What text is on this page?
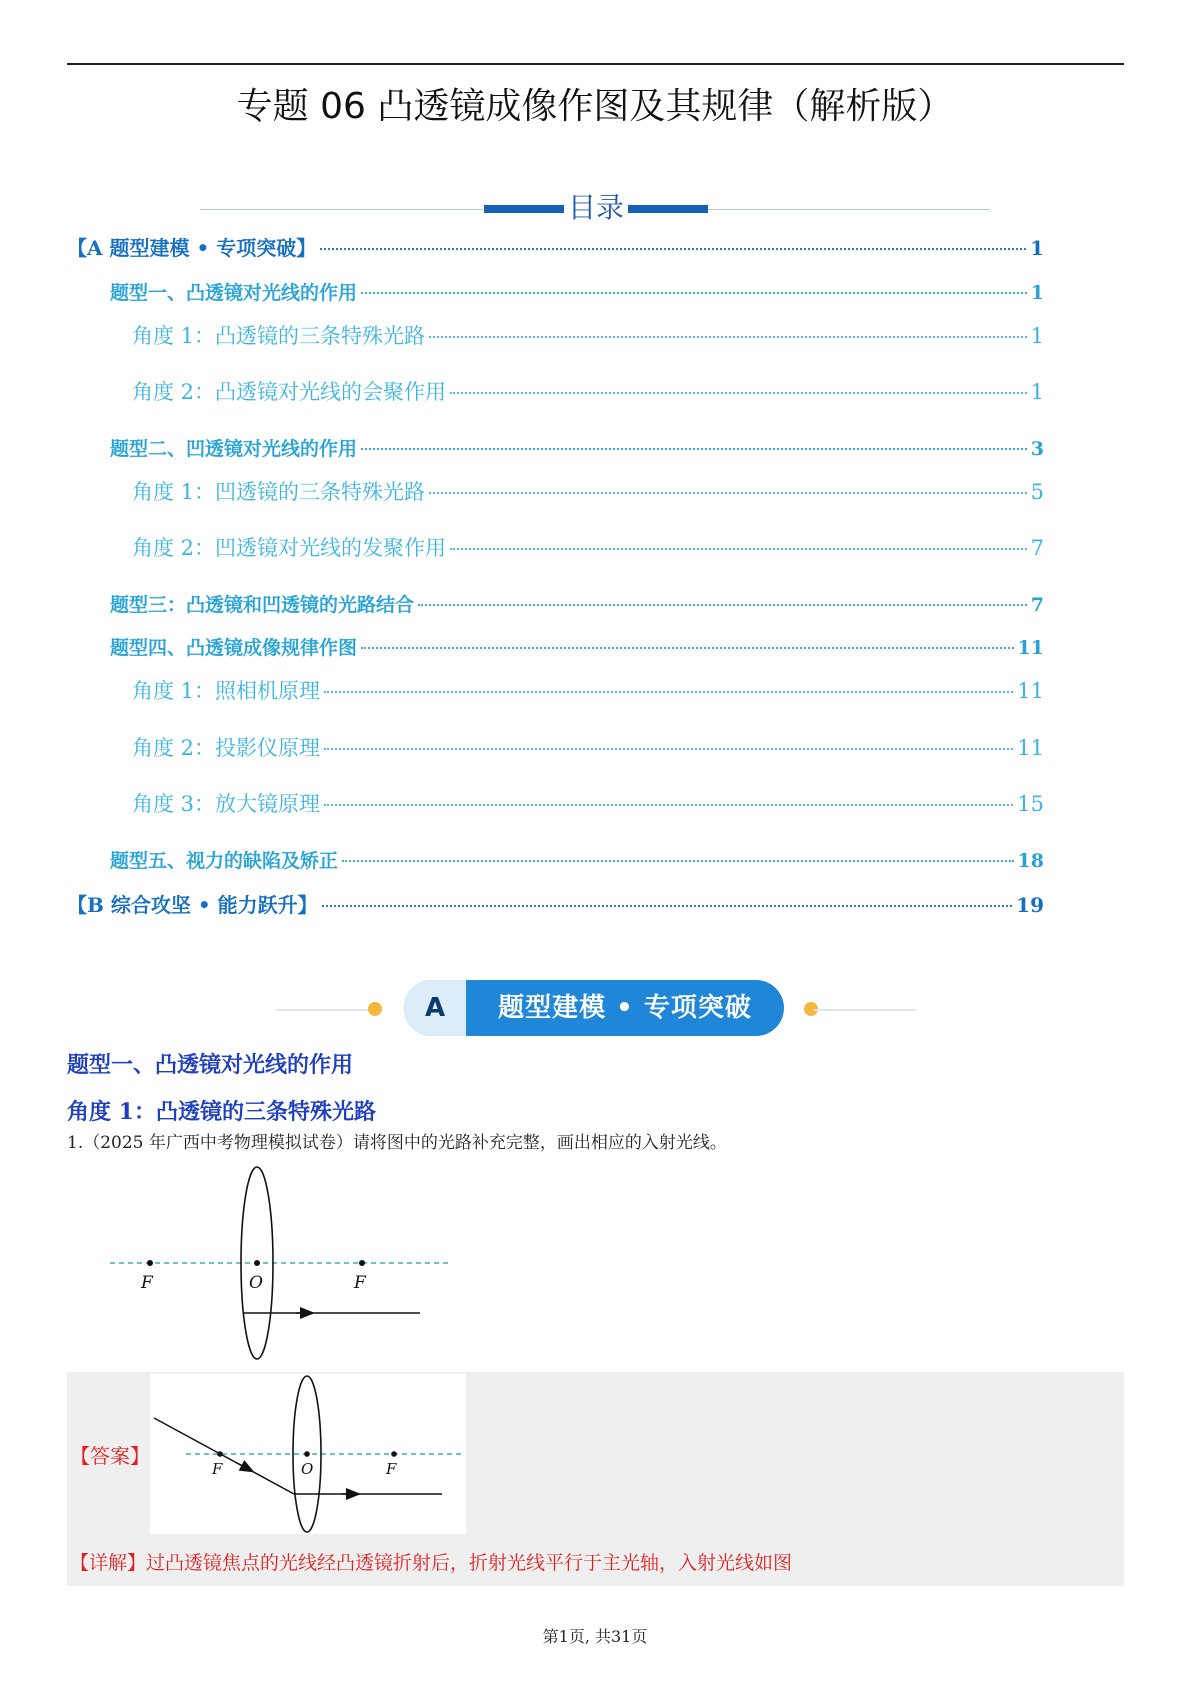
专题 06 凸透镜成像作图及其规律（解析版）
目录
【A 题型建模 • 专项突破】	1
题型一、凸透镜对光线的作用	1
角度 1：凸透镜的三条特殊光路	1
角度 2：凸透镜对光线的会聚作用	1
题型二、凹透镜对光线的作用	3
角度 1：凹透镜的三条特殊光路	5
角度 2：凹透镜对光线的发聚作用	7
题型三：凸透镜和凹透镜的光路结合	7
题型四、凸透镜成像规律作图	11
角度 1：照相机原理	11
角度 2：投影仪原理	11
角度 3：放大镜原理	15
题型五、视力的缺陷及矫正	18
【B 综合攻坚 • 能力跃升】	19
A	题型建模 • 专项突破
题型一、凸透镜对光线的作用
角度 1：凸透镜的三条特殊光路
1.（2025 年广西中考物理模拟试卷）请将图中的光路补充完整，画出相应的入射光线。
F	O	F
【答案】
F	O	F
【详解】过凸透镜焦点的光线经凸透镜折射后，折射光线平行于主光轴，入射光线如图
第1页, 共31页
